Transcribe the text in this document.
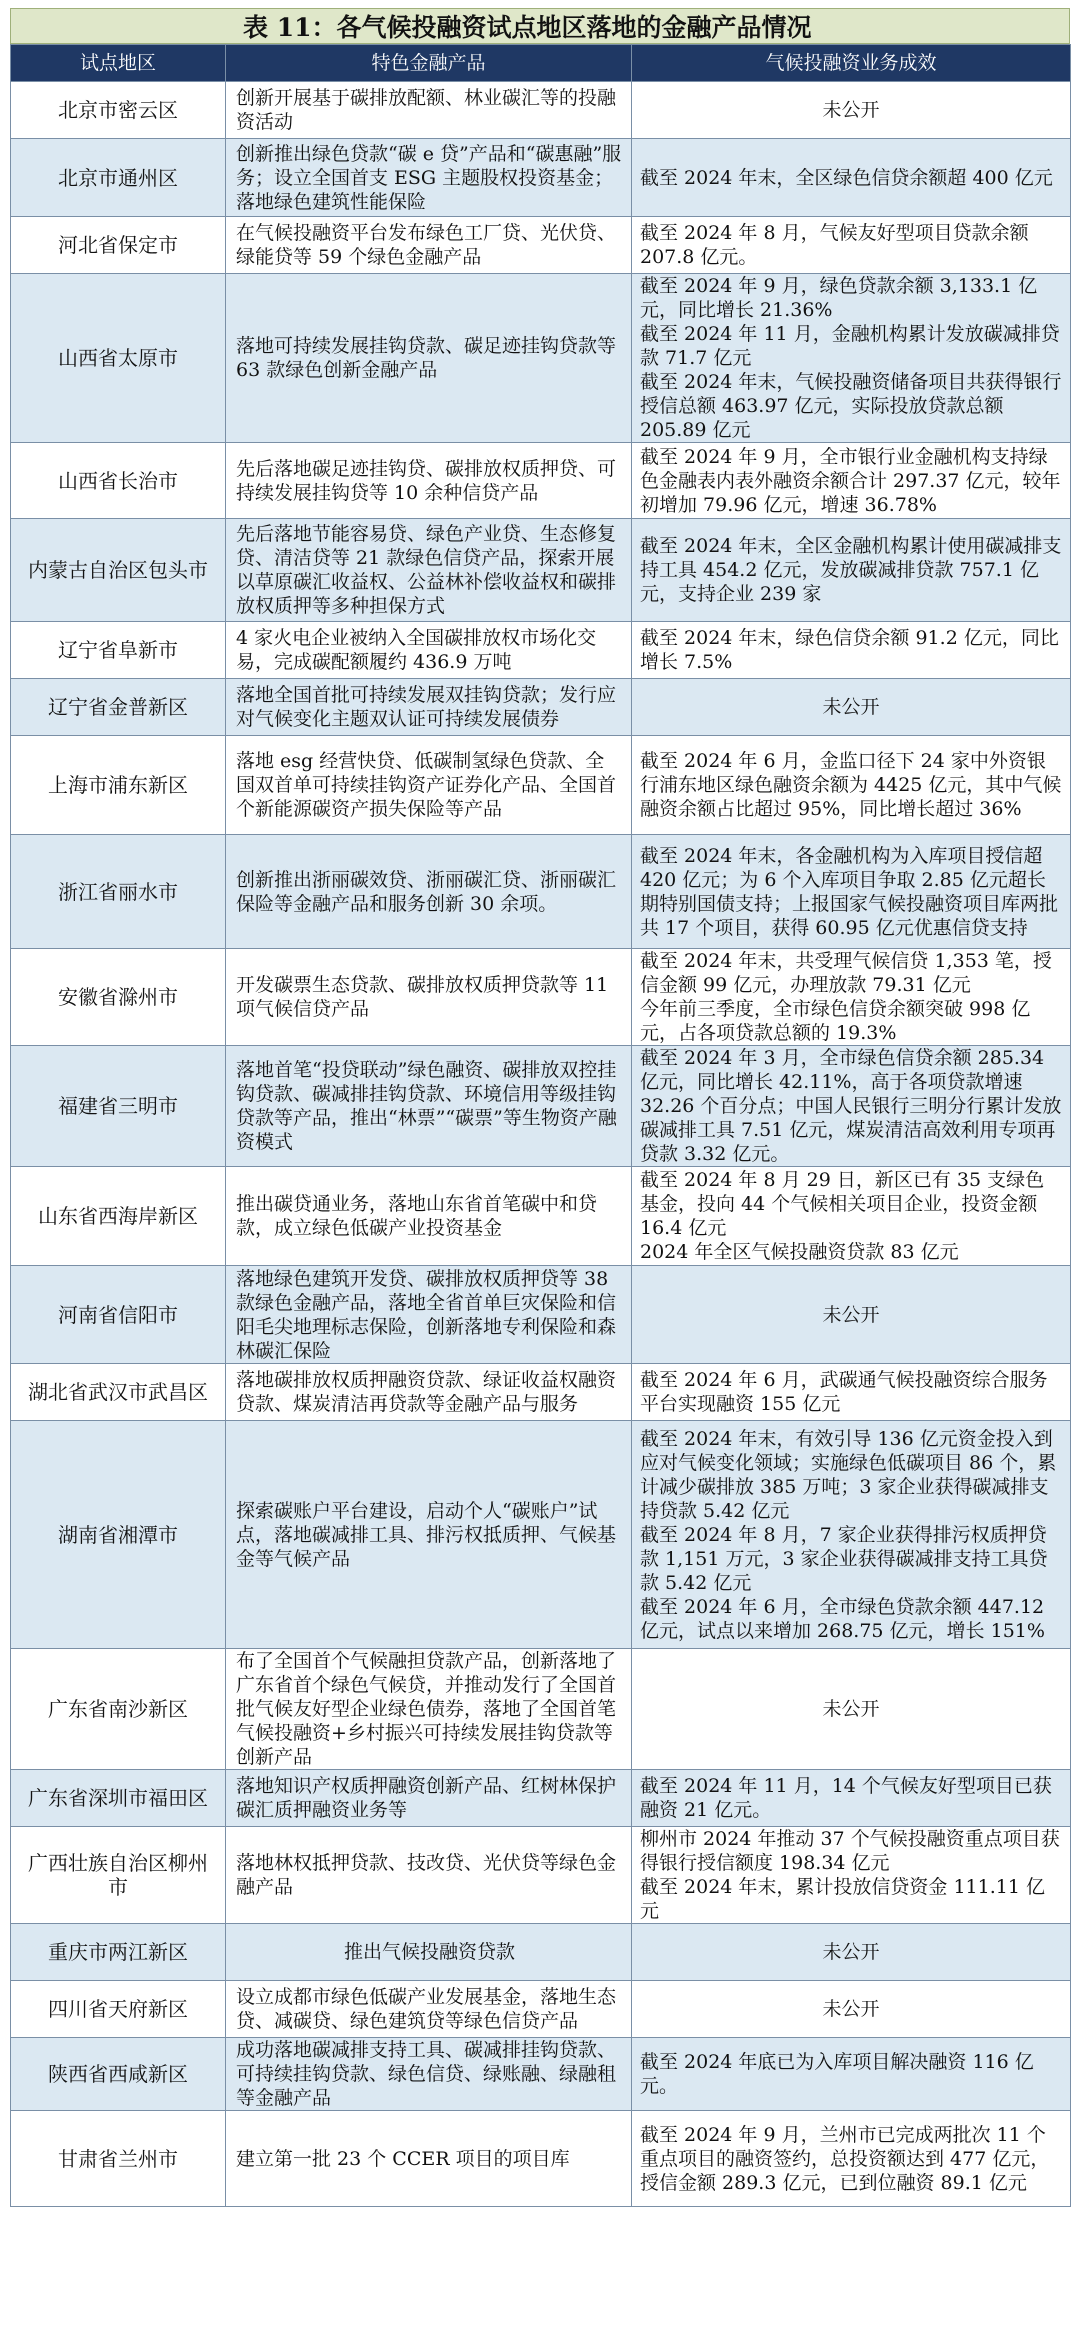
表 11：各气候投融资试点地区落地的金融产品情况
试点地区	特色金融产品	气候投融资业务成效
北京市密云区	创新开展基于碳排放配额、林业碳汇等的投融资活动	未公开
北京市通州区	创新推出绿色贷款“碳 e 贷”产品和“碳惠融”服务；设立全国首支 ESG 主题股权投资基金；落地绿色建筑性能保险	截至 2024 年末，全区绿色信贷余额超 400 亿元
河北省保定市	在气候投融资平台发布绿色工厂贷、光伏贷、绿能贷等 59 个绿色金融产品	截至 2024 年 8 月，气候友好型项目贷款余额 207.8 亿元。
山西省太原市	落地可持续发展挂钩贷款、碳足迹挂钩贷款等 63 款绿色创新金融产品	截至 2024 年 9 月，绿色贷款余额 3,133.1 亿元，同比增长 21.36%
截至 2024 年 11 月，金融机构累计发放碳减排贷款 71.7 亿元
截至 2024 年末，气候投融资储备项目共获得银行授信总额 463.97 亿元，实际投放贷款总额 205.89 亿元
山西省长治市	先后落地碳足迹挂钩贷、碳排放权质押贷、可持续发展挂钩贷等 10 余种信贷产品	截至 2024 年 9 月，全市银行业金融机构支持绿色金融表内表外融资余额合计 297.37 亿元，较年初增加 79.96 亿元，增速 36.78%
内蒙古自治区包头市	先后落地节能容易贷、绿色产业贷、生态修复贷、清洁贷等 21 款绿色信贷产品，探索开展以草原碳汇收益权、公益林补偿收益权和碳排放权质押等多种担保方式	截至 2024 年末，全区金融机构累计使用碳减排支持工具 454.2 亿元，发放碳减排贷款 757.1 亿元，支持企业 239 家
辽宁省阜新市	4 家火电企业被纳入全国碳排放权市场化交易，完成碳配额履约 436.9 万吨	截至 2024 年末，绿色信贷余额 91.2 亿元，同比增长 7.5%
辽宁省金普新区	落地全国首批可持续发展双挂钩贷款；发行应对气候变化主题双认证可持续发展债券	未公开
上海市浦东新区	落地 esg 经营快贷、低碳制氢绿色贷款、全国双首单可持续挂钩资产证券化产品、全国首个新能源碳资产损失保险等产品	截至 2024 年 6 月，金监口径下 24 家中外资银行浦东地区绿色融资余额为 4425 亿元，其中气候融资余额占比超过 95%，同比增长超过 36%
浙江省丽水市	创新推出浙丽碳效贷、浙丽碳汇贷、浙丽碳汇保险等金融产品和服务创新 30 余项。	截至 2024 年末，各金融机构为入库项目授信超 420 亿元；为 6 个入库项目争取 2.85 亿元超长期特别国债支持；上报国家气候投融资项目库两批共 17 个项目，获得 60.95 亿元优惠信贷支持
安徽省滁州市	开发碳票生态贷款、碳排放权质押贷款等 11 项气候信贷产品	截至 2024 年末，共受理气候信贷 1,353 笔，授信金额 99 亿元，办理放款 79.31 亿元
今年前三季度，全市绿色信贷余额突破 998 亿元，占各项贷款总额的 19.3%
福建省三明市	落地首笔“投贷联动”绿色融资、碳排放双控挂钩贷款、碳减排挂钩贷款、环境信用等级挂钩贷款等产品，推出“林票”“碳票”等生物资产融资模式	截至 2024 年 3 月，全市绿色信贷余额 285.34 亿元，同比增长 42.11%，高于各项贷款增速 32.26 个百分点；中国人民银行三明分行累计发放碳减排工具 7.51 亿元，煤炭清洁高效利用专项再贷款 3.32 亿元。
山东省西海岸新区	推出碳贷通业务，落地山东省首笔碳中和贷款，成立绿色低碳产业投资基金	截至 2024 年 8 月 29 日，新区已有 35 支绿色基金，投向 44 个气候相关项目企业，投资金额 16.4 亿元
2024 年全区气候投融资贷款 83 亿元
河南省信阳市	落地绿色建筑开发贷、碳排放权质押贷等 38 款绿色金融产品，落地全省首单巨灾保险和信阳毛尖地理标志保险，创新落地专利保险和森林碳汇保险	未公开
湖北省武汉市武昌区	落地碳排放权质押融资贷款、绿证收益权融资贷款、煤炭清洁再贷款等金融产品与服务	截至 2024 年 6 月，武碳通气候投融资综合服务平台实现融资 155 亿元
湖南省湘潭市	探索碳账户平台建设，启动个人“碳账户”试点，落地碳减排工具、排污权抵质押、气候基金等气候产品	截至 2024 年末，有效引导 136 亿元资金投入到应对气候变化领域；实施绿色低碳项目 86 个，累计减少碳排放 385 万吨；3 家企业获得碳减排支持贷款 5.42 亿元
截至 2024 年 8 月，7 家企业获得排污权质押贷款 1,151 万元，3 家企业获得碳减排支持工具贷款 5.42 亿元
截至 2024 年 6 月，全市绿色贷款余额 447.12 亿元，试点以来增加 268.75 亿元，增长 151%
广东省南沙新区	布了全国首个气候融担贷款产品，创新落地了广东省首个绿色气候贷，并推动发行了全国首批气候友好型企业绿色债券，落地了全国首笔气候投融资+乡村振兴可持续发展挂钩贷款等创新产品	未公开
广东省深圳市福田区	落地知识产权质押融资创新产品、红树林保护碳汇质押融资业务等	截至 2024 年 11 月，14 个气候友好型项目已获融资 21 亿元。
广西壮族自治区柳州市	落地林权抵押贷款、技改贷、光伏贷等绿色金融产品	柳州市 2024 年推动 37 个气候投融资重点项目获得银行授信额度 198.34 亿元
截至 2024 年末，累计投放信贷资金 111.11 亿元
重庆市两江新区	推出气候投融资贷款	未公开
四川省天府新区	设立成都市绿色低碳产业发展基金，落地生态贷、减碳贷、绿色建筑贷等绿色信贷产品	未公开
陕西省西咸新区	成功落地碳减排支持工具、碳减排挂钩贷款、可持续挂钩贷款、绿色信贷、绿账融、绿融租等金融产品	截至 2024 年底已为入库项目解决融资 116 亿元。
甘肃省兰州市	建立第一批 23 个 CCER 项目的项目库	截至 2024 年 9 月，兰州市已完成两批次 11 个重点项目的融资签约，总投资额达到 477 亿元，授信金额 289.3 亿元，已到位融资 89.1 亿元
